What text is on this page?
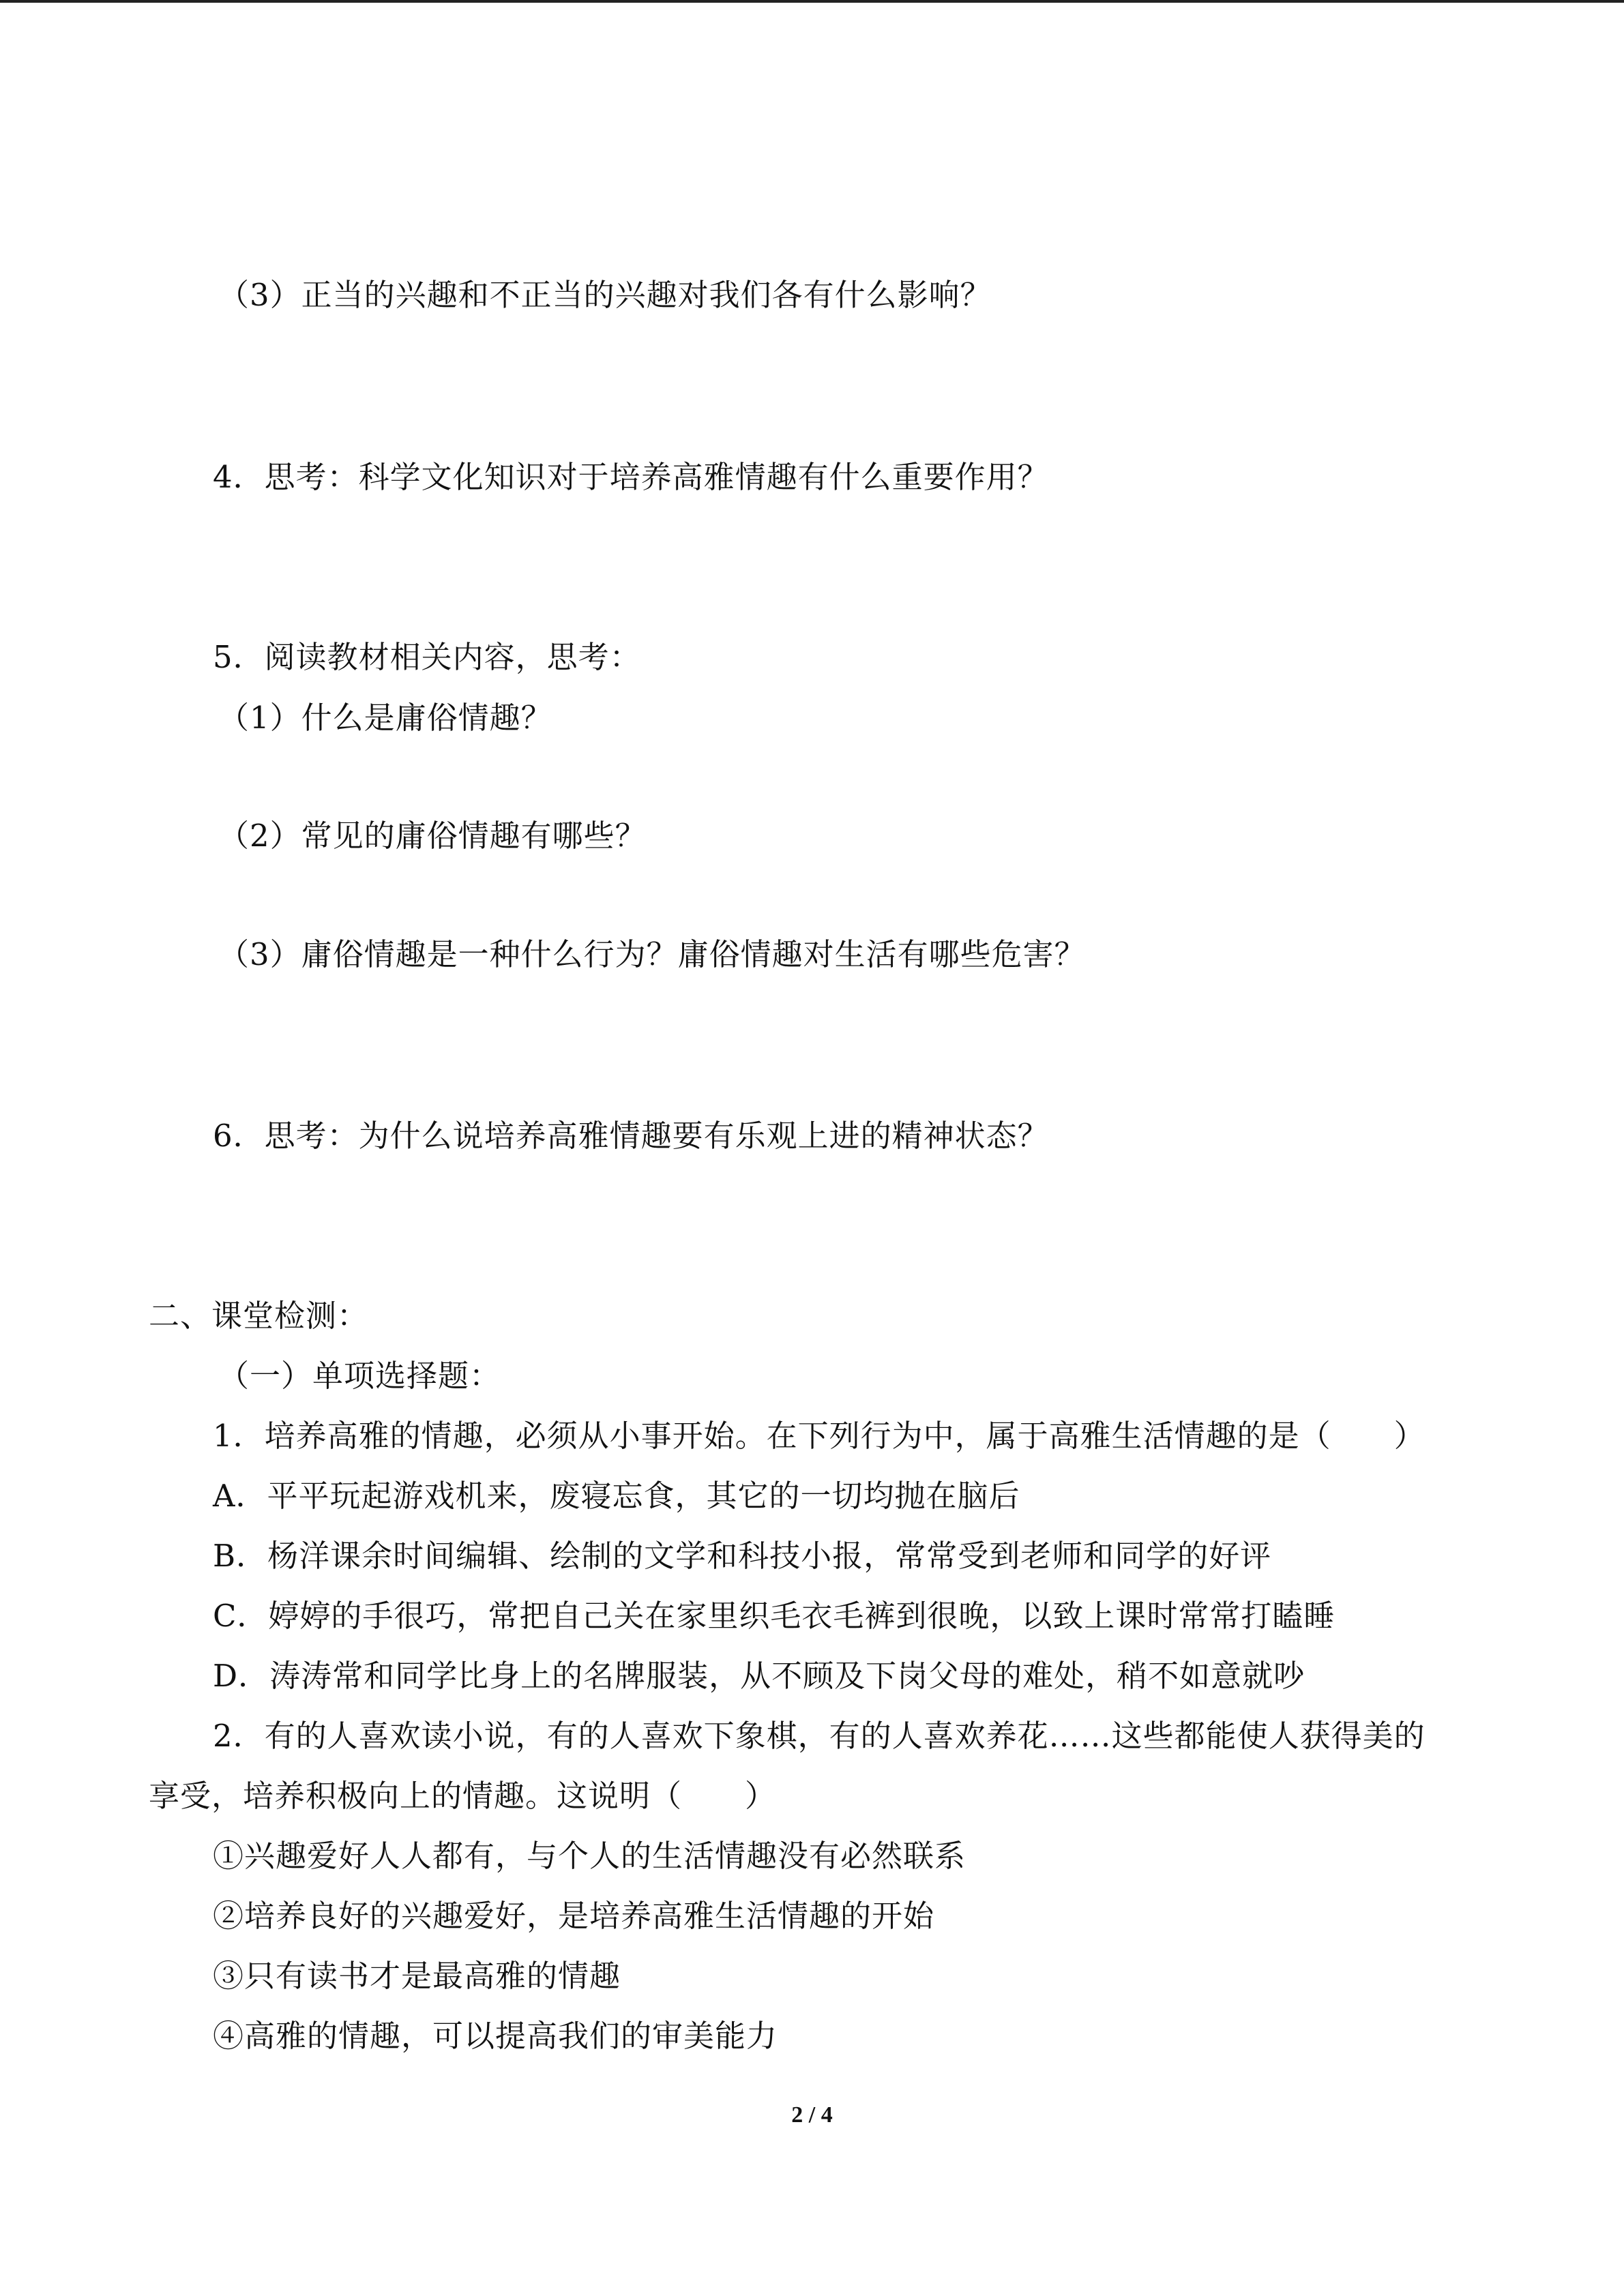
（3）正当的兴趣和不正当的兴趣对我们各有什么影响？
4．思考：科学文化知识对于培养高雅情趣有什么重要作用？
5．阅读教材相关内容，思考：
（1）什么是庸俗情趣？
（2）常见的庸俗情趣有哪些？
（3）庸俗情趣是一种什么行为？庸俗情趣对生活有哪些危害？
6．思考：为什么说培养高雅情趣要有乐观上进的精神状态？
二、课堂检测：
（一）单项选择题：
1．培养高雅的情趣，必须从小事开始。在下列行为中，属于高雅生活情趣的是（　　）
A．平平玩起游戏机来，废寝忘食，其它的一切均抛在脑后
B．杨洋课余时间编辑、绘制的文学和科技小报，常常受到老师和同学的好评
C．婷婷的手很巧，常把自己关在家里织毛衣毛裤到很晚，以致上课时常常打瞌睡
D．涛涛常和同学比身上的名牌服装，从不顾及下岗父母的难处，稍不如意就吵
2．有的人喜欢读小说，有的人喜欢下象棋，有的人喜欢养花……这些都能使人获得美的
享受，培养积极向上的情趣。这说明（　　）
①兴趣爱好人人都有，与个人的生活情趣没有必然联系
②培养良好的兴趣爱好，是培养高雅生活情趣的开始
③只有读书才是最高雅的情趣
④高雅的情趣，可以提高我们的审美能力
2 / 4
